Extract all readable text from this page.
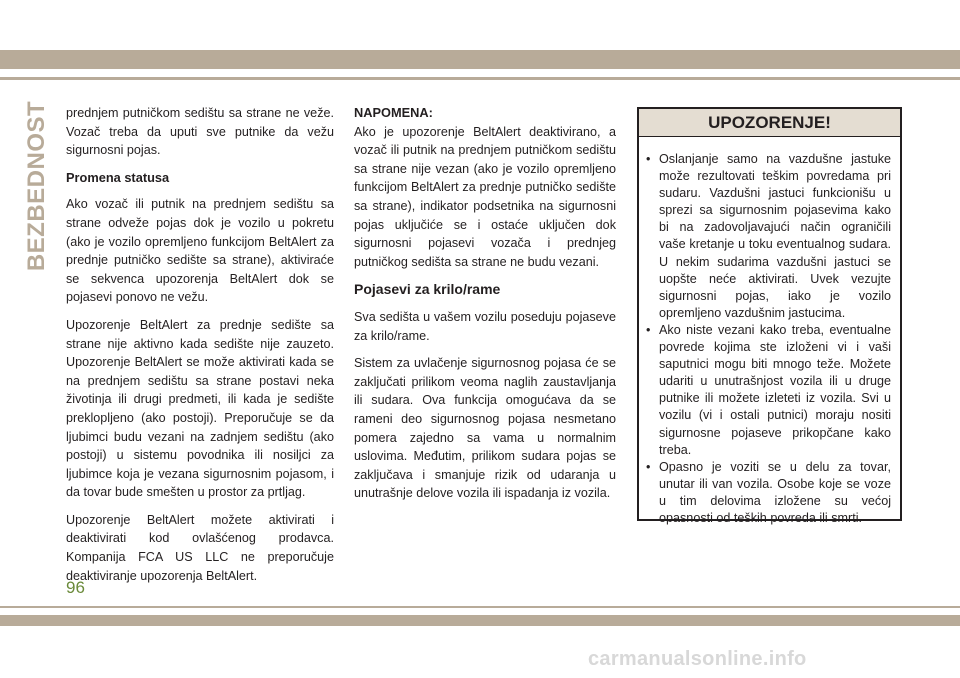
BEZBEDNOST prednjem putničkom sedištu sa strane ne veže. Vozač treba da uputi sve putnike da vežu sigurnosni pojas.

Promena statusa

Ako vozač ili putnik na prednjem sedištu sa strane odveže pojas dok je vozilo u pokretu (ako je vozilo opremljeno funkcijom BeltAlert za prednje putničko sedište sa strane), aktiviraće se sekvenca upozorenja BeltAlert dok se pojasevi ponovo ne vežu.

Upozorenje BeltAlert za prednje sedište sa strane nije aktivno kada sedište nije zauzeto. Upozorenje BeltAlert se može aktivirati kada se na prednjem sedištu sa strane postavi neka životinja ili drugi predmeti, ili kada je sedište preklopljeno (ako postoji). Preporučuje se da ljubimci budu vezani na zadnjem sedištu (ako postoji) u sistemu povodnika ili nosiljci za ljubimce koja je vezana sigurnosnim pojasom, i da tovar bude smešten u prostor za prtljag.

Upozorenje BeltAlert možete aktivirati i deaktivirati kod ovlašćenog prodavca. Kompanija FCA US LLC ne preporučuje deaktiviranje upozorenja BeltAlert.

NAPOMENA:

Ako je upozorenje BeltAlert deaktivirano, a vozač ili putnik na prednjem putničkom sedištu sa strane nije vezan (ako je vozilo opremljeno funkcijom BeltAlert za prednje putničko sedište sa strane), indikator podsetnika na sigurnosni pojas uključiće se i ostaće uključen dok sigurnosni pojasevi vozača i prednjeg putničkog sedišta sa strane ne budu vezani.

Pojasevi za krilo/rame

Sva sedišta u vašem vozilu poseduju pojaseve za krilo/rame.

Sistem za uvlačenje sigurnosnog pojasa će se zaključati prilikom veoma naglih zaustavljanja ili sudara. Ova funkcija omogućava da se rameni deo sigurnosnog pojasa nesmetano pomera zajedno sa vama u normalnim uslovima. Međutim, prilikom sudara pojas se zaključava i smanjuje rizik od udaranja u unutrašnje delove vozila ili ispadanja iz vozila.

UPOZORENJE!
• Oslanjanje samo na vazdušne jastuke može rezultovati teškim povredama pri sudaru. Vazdušni jastuci funkcionišu u sprezi sa sigurnosnim pojasevima kako bi na zadovoljavajući način ograničili vaše kretanje u toku eventualnog sudara. U nekim sudarima vazdušni jastuci se uopšte neće aktivirati. Uvek vezujte sigurnosni pojas, iako je vozilo opremljeno vazdušnim jastucima.
• Ako niste vezani kako treba, eventualne povrede kojima ste izloženi vi i vaši saputnici mogu biti mnogo teže. Možete udariti u unutrašnjost vozila ili u druge putnike ili možete izleteti iz vozila. Svi u vozilu (vi i ostali putnici) moraju nositi sigurnosne pojaseve prikopčane kako treba.
• Opasno je voziti se u delu za tovar, unutar ili van vozila. Osobe koje se voze u tim delovima izložene su većoj opasnosti od teških povreda ili smrti.
96
carmanualsonline.info
